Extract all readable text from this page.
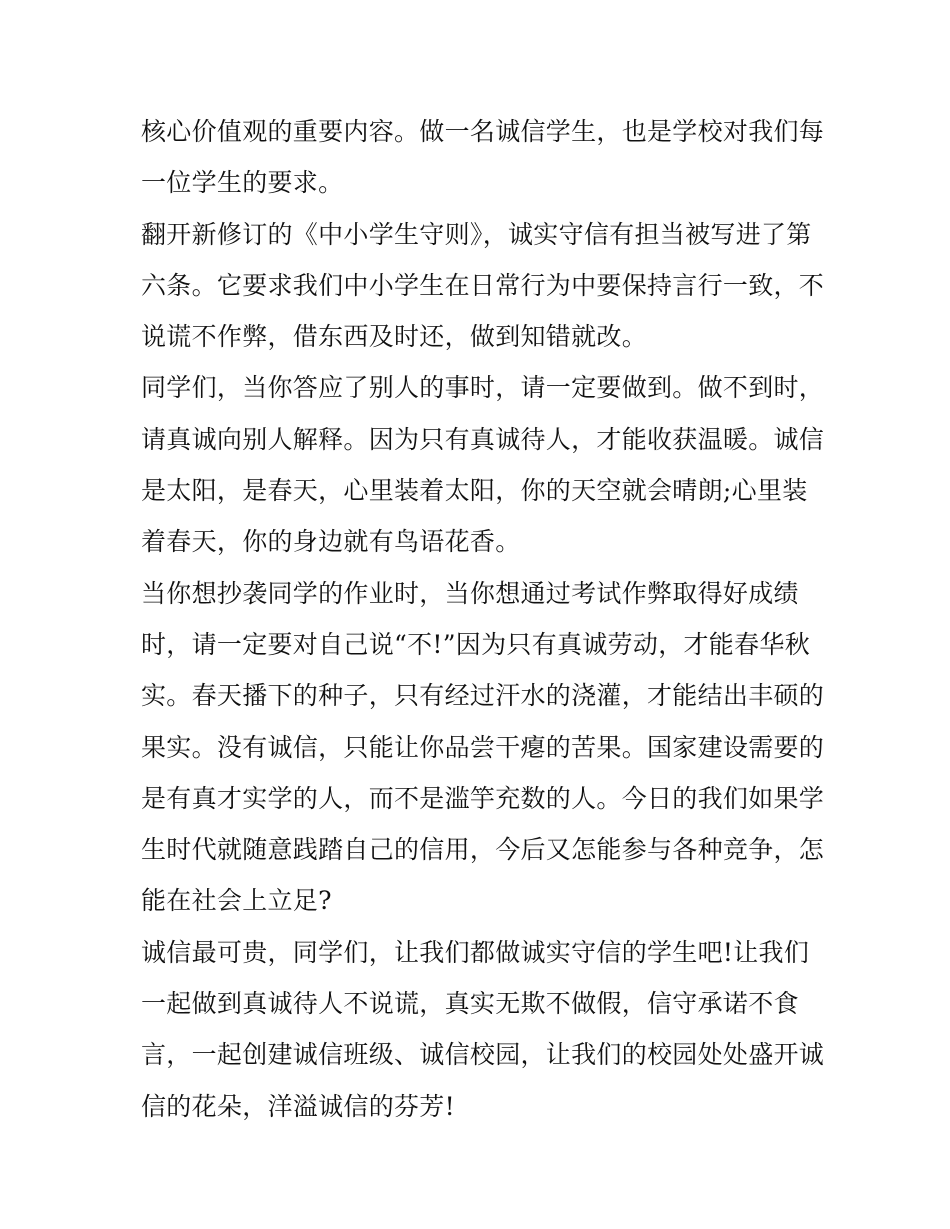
核心价值观的重要内容。做一名诚信学生，也是学校对我们每
一位学生的要求。
翻开新修订的《中小学生守则》，诚实守信有担当被写进了第
六条。它要求我们中小学生在日常行为中要保持言行一致，不
说谎不作弊，借东西及时还，做到知错就改。
同学们，当你答应了别人的事时，请一定要做到。做不到时，
请真诚向别人解释。因为只有真诚待人，才能收获温暖。诚信
是太阳，是春天，心里装着太阳，你的天空就会晴朗;心里装
着春天，你的身边就有鸟语花香。
当你想抄袭同学的作业时，当你想通过考试作弊取得好成绩
时，请一定要对自己说“不!”因为只有真诚劳动，才能春华秋
实。春天播下的种子，只有经过汗水的浇灌，才能结出丰硕的
果实。没有诚信，只能让你品尝干瘪的苦果。国家建设需要的
是有真才实学的人，而不是滥竽充数的人。今日的我们如果学
生时代就随意践踏自己的信用，今后又怎能参与各种竞争，怎
能在社会上立足?
诚信最可贵，同学们，让我们都做诚实守信的学生吧!让我们
一起做到真诚待人不说谎，真实无欺不做假，信守承诺不食
言，一起创建诚信班级、诚信校园，让我们的校园处处盛开诚
信的花朵，洋溢诚信的芬芳!
